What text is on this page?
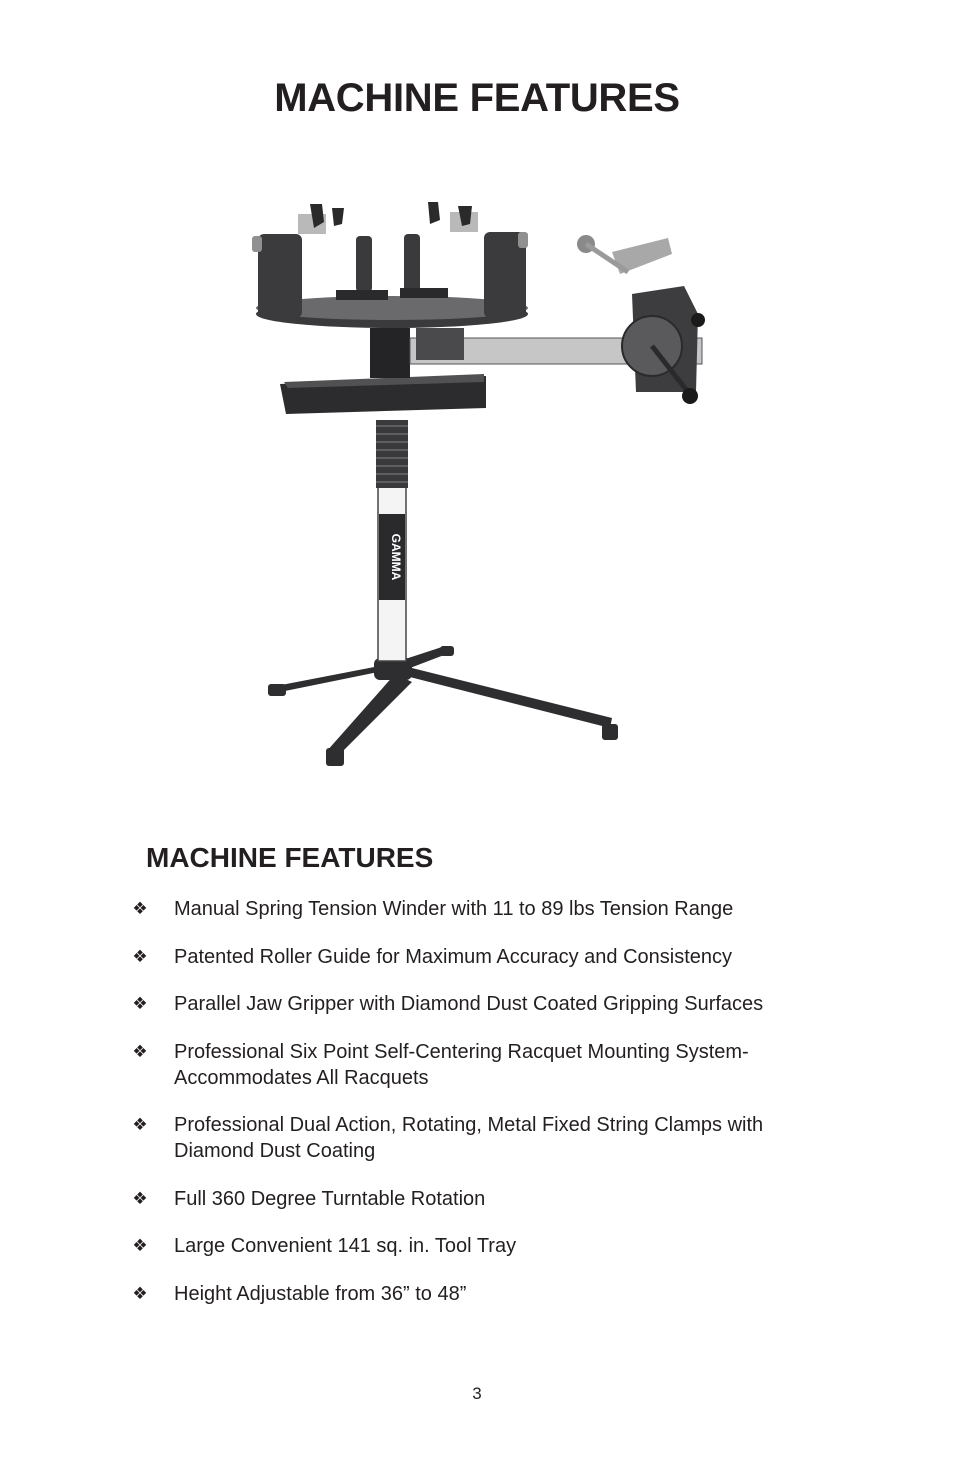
MACHINE FEATURES
GAMMA
MACHINE FEATURES
❖ Manual Spring Tension Winder with 11 to 89 lbs Tension Range
❖ Patented Roller Guide for Maximum Accuracy and Consistency
❖ Parallel Jaw Gripper with Diamond Dust Coated Gripping Surfaces
❖ Professional Six Point Self-Centering Racquet Mounting System- Accommodates All Racquets
❖ Professional Dual Action, Rotating, Metal Fixed String Clamps with Diamond Dust Coating
❖ Full 360 Degree Turntable Rotation
❖ Large Convenient 141 sq. in. Tool Tray
❖ Height Adjustable from 36” to 48”
3
